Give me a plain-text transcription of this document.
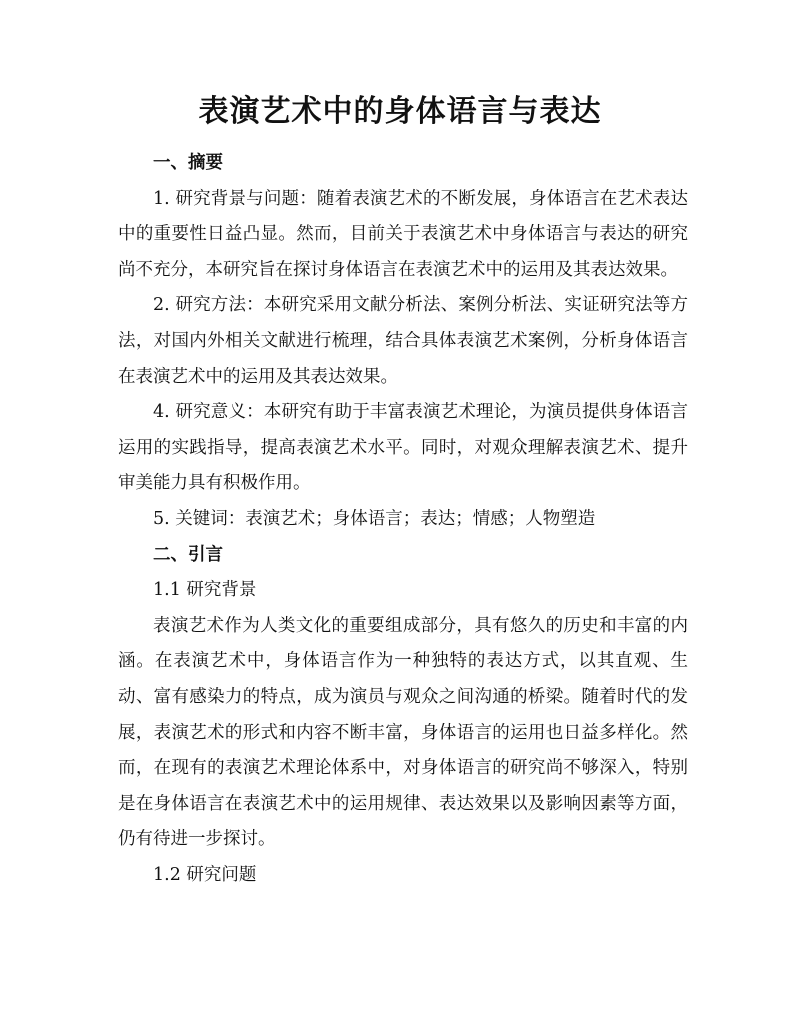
表演艺术中的身体语言与表达
一、摘要

1. 研究背景与问题：随着表演艺术的不断发展，身体语言在艺术表达中的重要性日益凸显。然而，目前关于表演艺术中身体语言与表达的研究尚不充分，本研究旨在探讨身体语言在表演艺术中的运用及其表达效果。

2. 研究方法：本研究采用文献分析法、案例分析法、实证研究法等方法，对国内外相关文献进行梳理，结合具体表演艺术案例，分析身体语言在表演艺术中的运用及其表达效果。

4. 研究意义：本研究有助于丰富表演艺术理论，为演员提供身体语言运用的实践指导，提高表演艺术水平。同时，对观众理解表演艺术、提升审美能力具有积极作用。

5. 关键词：表演艺术；身体语言；表达；情感；人物塑造

二、引言

1.1 研究背景

表演艺术作为人类文化的重要组成部分，具有悠久的历史和丰富的内涵。在表演艺术中，身体语言作为一种独特的表达方式，以其直观、生动、富有感染力的特点，成为演员与观众之间沟通的桥梁。随着时代的发展，表演艺术的形式和内容不断丰富，身体语言的运用也日益多样化。然而，在现有的表演艺术理论体系中，对身体语言的研究尚不够深入，特别是在身体语言在表演艺术中的运用规律、表达效果以及影响因素等方面，仍有待进一步探讨。

1.2 研究问题
